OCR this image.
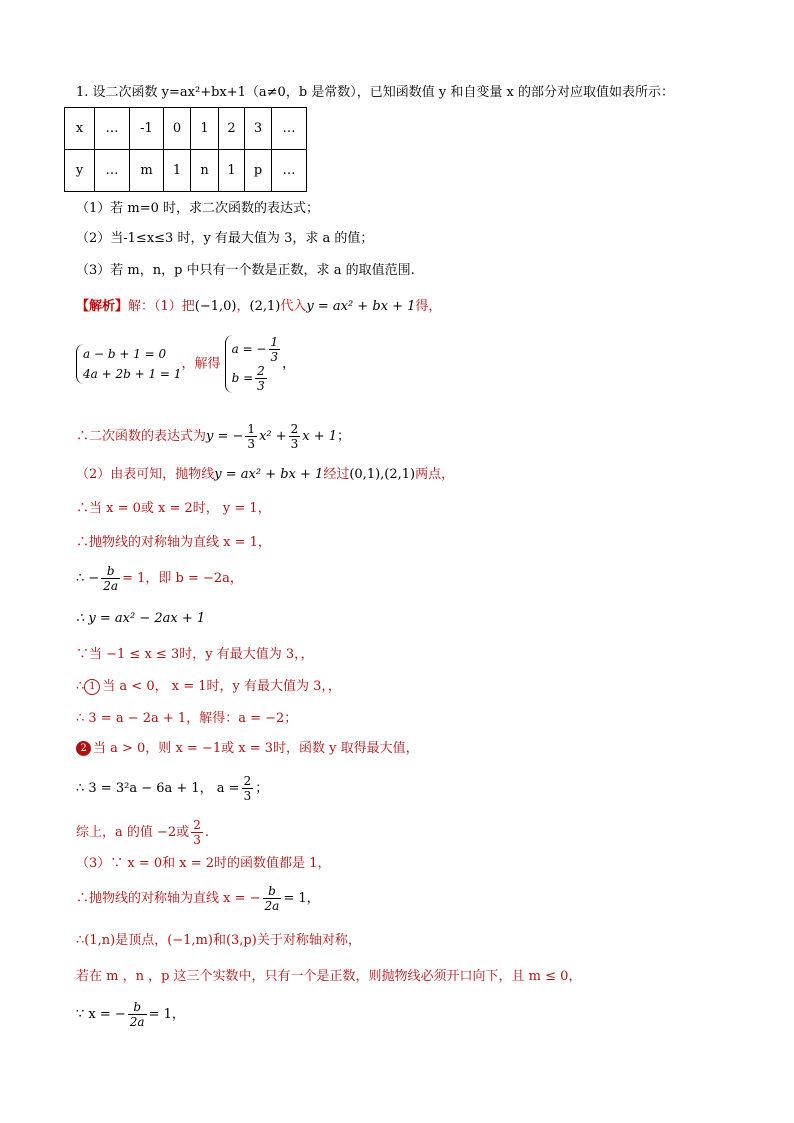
1. 设二次函数 y=ax²+bx+1（a≠0，b 是常数），已知函数值 y 和自变量 x 的部分对应取值如表所示：
x	…	-1	0	1	2	3	…
y	…	m	1	n	1	p	…
（1）若 m=0 时，求二次函数的表达式；
（2）当-1≤x≤3 时，y 有最大值为 3，求 a 的值；
（3）若 m，n，p 中只有一个数是正数，求 a 的取值范围.
【解析】解：（1）把(−1,0)，(2,1)代入y = ax² + bx + 1得，
a − b + 1 = 0
4a + 2b + 1 = 1
，解得
a = − $\frac{1}{3}$
$b = \frac{2}{3}$ ，
∴二次函数的表达式为y = − $\frac{1}{3} x^2 + \frac{2}{3}$ x + 1；
（2）由表可知，抛物线y = ax² + bx + 1经过(0,1),(2,1)两点，
∴当 x = 0或 x = 2时， y = 1，
∴抛物线的对称轴为直线 x = 1，
∴ − $\frac{b}{2a} = 1$，即 b = −2a，
∴ y = ax² − 2ax + 1
∵当 −1 ≤ x ≤ 3时，y 有最大值为 3，，
∴ 1 当 a < 0， x = 1时，y 有最大值为 3，，
∴ 3 = a − 2a + 1，解得：a = −2；
2 当 a > 0，则 x = −1或 x = 3时，函数 y 取得最大值，
∴ 3 = 3²a − 6a + 1， $a = \frac{2}{3}$ ；
综上，a 的值 −2或 $\frac{2}{3}$ .
（3）∵ x = 0和 x = 2时的函数值都是 1，
∴抛物线的对称轴为直线 x = − $\frac{b}{2a} = 1$，
∴(1,n)是顶点，(−1,m)和(3,p)关于对称轴对称，
若在 m ，n ，p 这三个实数中，只有一个是正数，则抛物线必须开口向下，且 m ≤ 0，
∵ x = − $\frac{b}{2a} = 1$，
